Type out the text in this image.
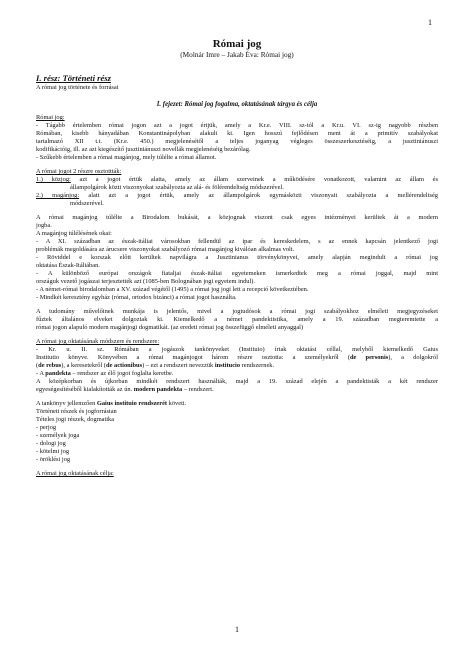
1
Római jog
(Molnár Imre – Jakab Éva: Római jog)
I. rész: Történeti rész
A római jog története és forrásai
I. fejezet: Római jog fogalma, oktatásának tárgya és célja
Római jog:
- Tágabb értelemben római jogon azt a jogot értjük, amely a Kr.e. VIII. sz-tól a Kr.u. VI. sz-ig nagyobb részben
Rómában, kisebb hányadában Konstantinápolyban alakult ki. Igen hosszú fejlődésen ment át a primitív szabályokat
tartalmazó XII t.t. (Kr.e. 450.) megjelenésétől a teljes joganyag végleges összeszerkesztéséig, a jusztiniánuszi
kodifikációig, ill. az azt kiegészítő jusztiniánuszi novellák megjelenéséig bezárólag.
- Szűkebb értelemben a római magánjog, mely túlélte a római államot.
A római jogot 2 részre osztottták:
1.) közjog: azt a jogot értük alatta, amely az állam szerveinek a működésére vonatkozott, valamint az állam és
állampolgárok közti viszonyokat szabályozta az alá- és fölérendeltség módszerével.
2.) magánjog: alatt azt a jogot értük, amely az állampolgárok egymásközti viszonyait szabályozta a mellérendeltség
módszerével.
A római magánjog túlélte a Birodalom bukását, a közjognak viszont csak egyes intézményei kerültek át a modern
jogba.
A magánjog túlélésének okai:
- A XI. században az észak-itáliai városokban fellendül az ipar és kereskedelem, s az ennek kapcsán jelentkező jogi
problémák megoldására az árucsere viszonyokat szabályozó római magánjog kiválóan alkalmas volt.
- Röviddel e korszak előtt kerültek napvilágra a Jusztinianus törvénykönyvei, amely alapján megindult a római jog
oktatása Észak-Itáliában.
- A különböző európai országok fiataljai észak-itáliai egyetemeken ismerkedtek meg a római joggal, majd mint
országuk vezető jogászai terjesztették azt (1085-ben Bolognában jogi egyetem indul).
- A német-római birodalomban a XV. század végétől (1495) a római jog jogi lett a recepció következtében.
- Mindkét keresztény egyház (római, ortodox bizánci) a római jogot használta.
A tudomány művelőinek munkája is jelentős, mivel a jogtudósok a római jogi szabályokhoz elméleti megjegyzéseket
fűztek általános elveket dolgoztak ki. Kiemelkedő a német pandektistika, amely a 19. században megteremtette a
római jogon alapuló modern magánjogi dogmatikát. (az eredeti római jog összefüggő elméleti anyaggal)
A római jog oktatásának módszere és rendszere:
- Kr. u. II. sz. Rómában a jogászok tankönyveket (Instituio) írtak oktatási céllal, melyből kiemelkedő Gaius
Institutio könyve. Könyvében a római magánjogot három részre osztotta: a személyekről (de personis), a dolgokról
(de rebus), a keresetekről (de actionibus) – ezt a rendszert nevezzük institucio rendszernek.
- A pandekta – rendszer az élő jogot foglalta keretbe.
A középkorban és újkorban mindkét rendszert használták, majd a 19. század elején a pandektisták a két rendszer
egyeségesítéséből kialakították az ún. modern pandekta – rendszert.
A tankönyv jellemzően Gaius instituio rendszerét követi.
Történeti részek és jogforrástan
Tételes jogi részek, dogmatika
- perjog
- személyek joga
- dologi jog
- kötelmi jog
- öröklési jog
A római jog oktatásának célja:
1
